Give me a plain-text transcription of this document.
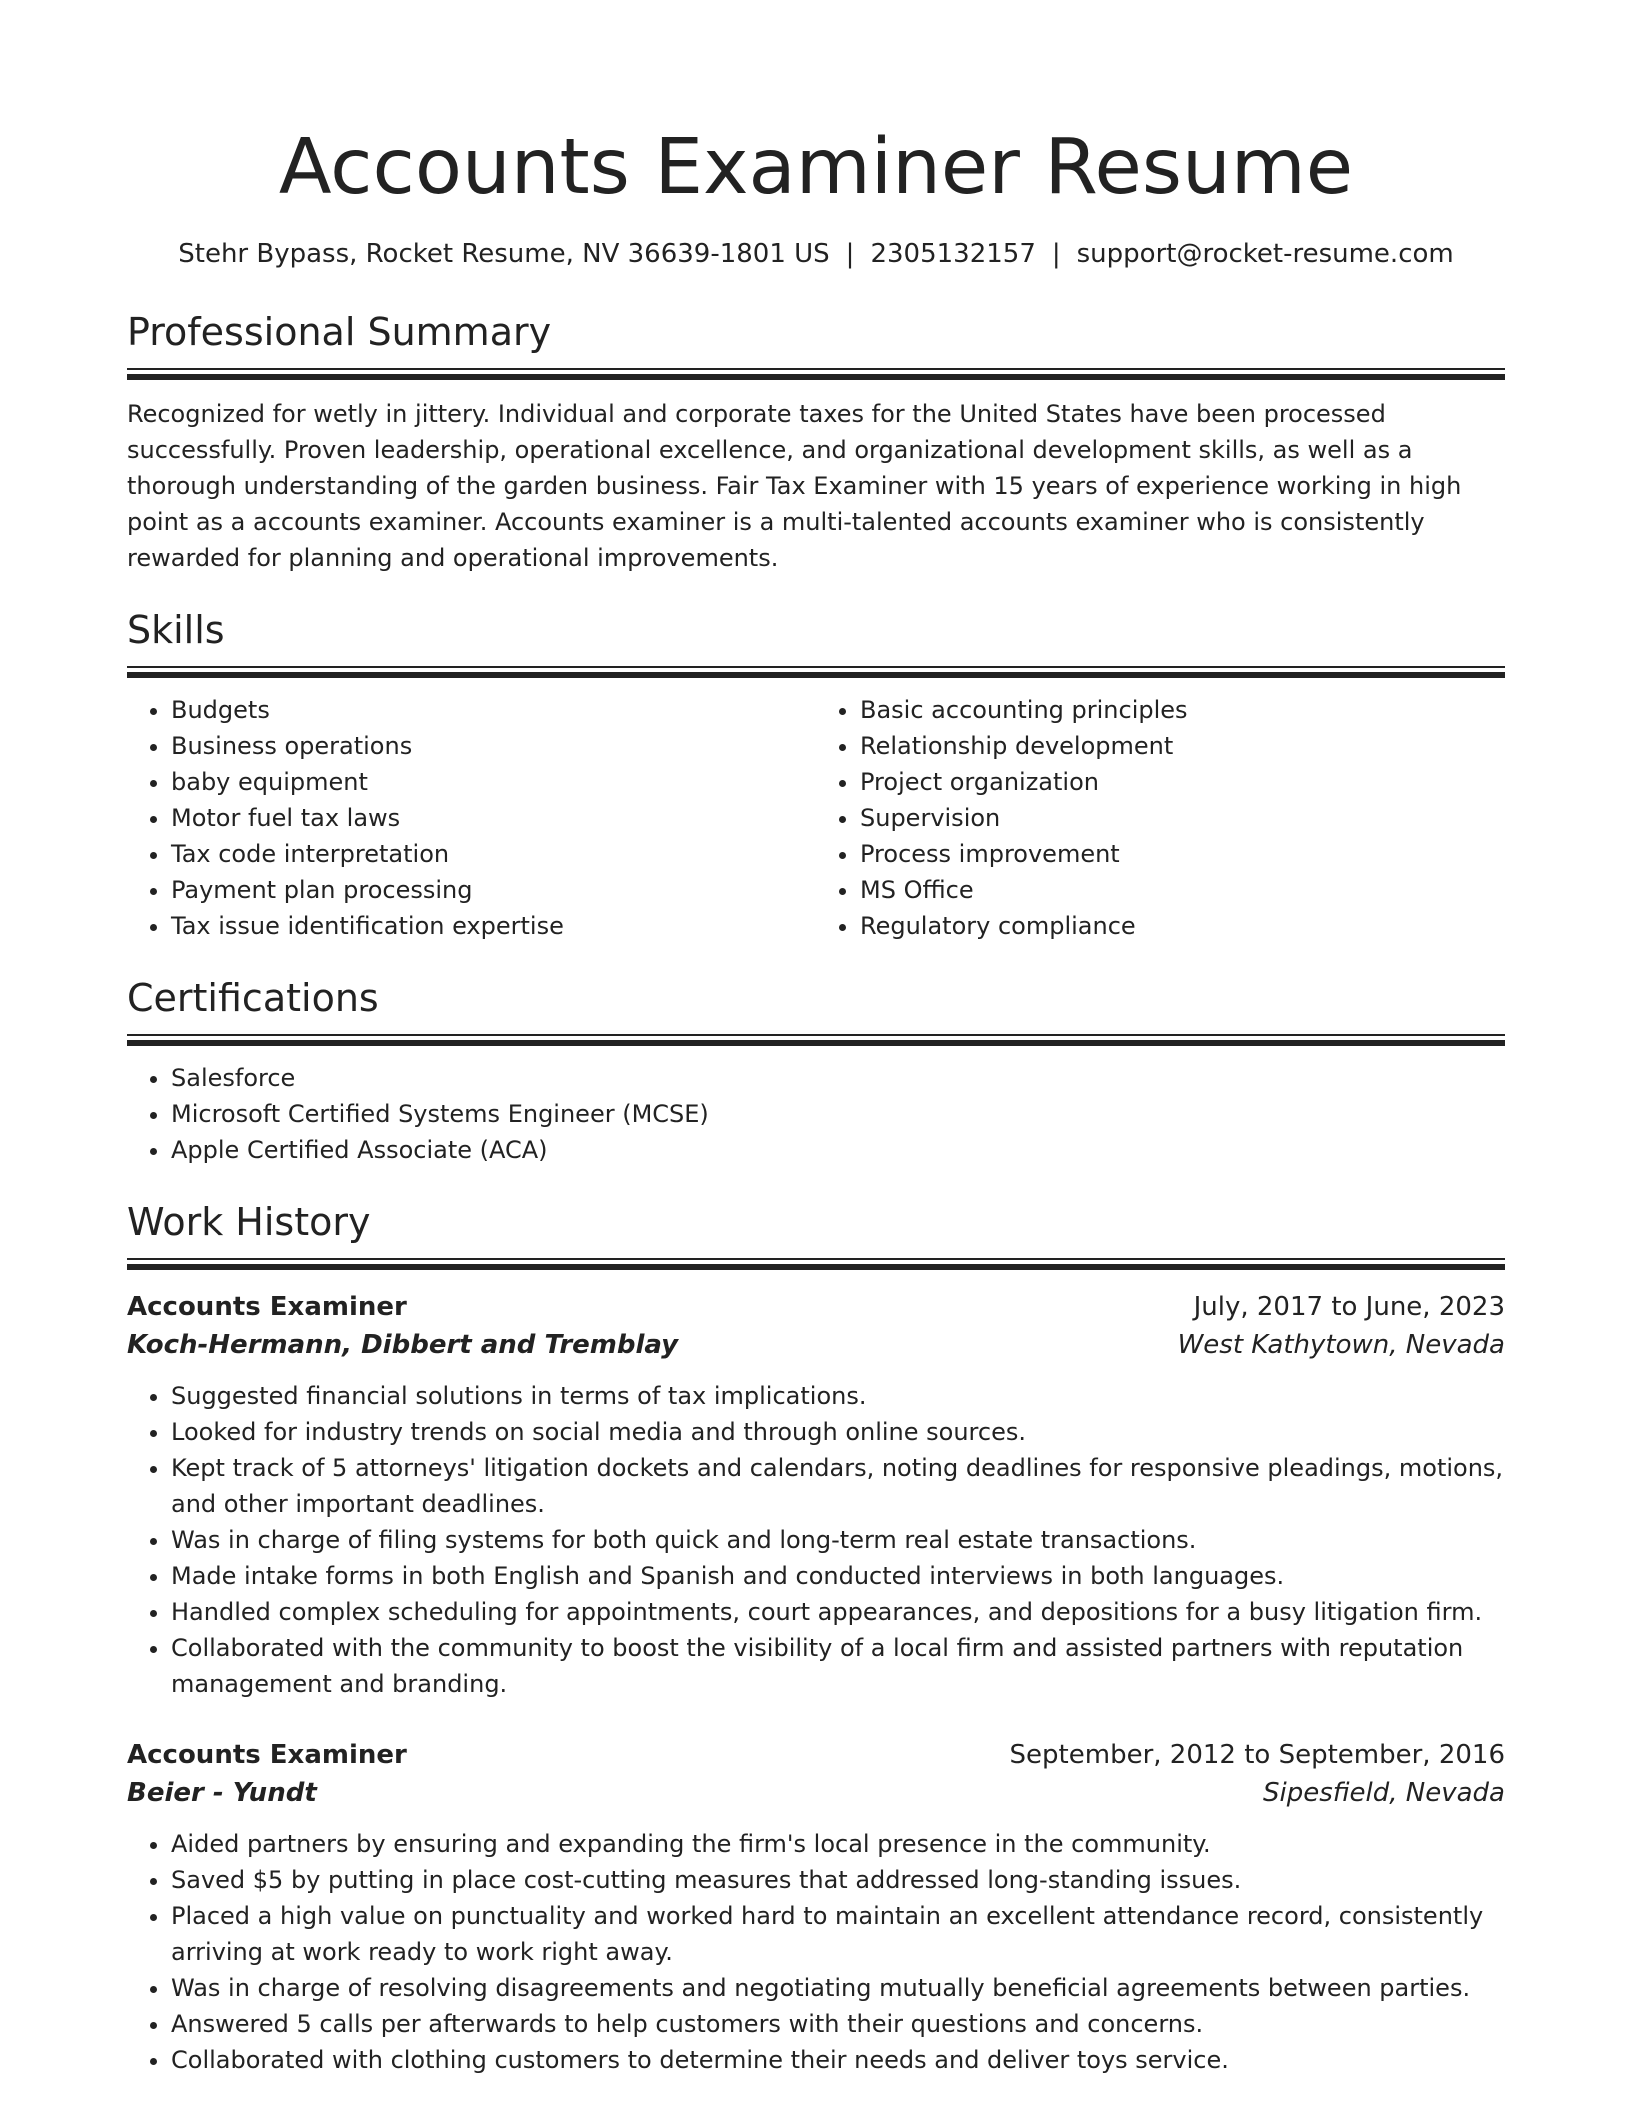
Accounts Examiner Resume
Stehr Bypass, Rocket Resume, NV 36639-1801 US | 2305132157 | support@rocket-resume.com
Professional Summary

Recognized for wetly in jittery. Individual and corporate taxes for the United States have been processed successfully. Proven leadership, operational excellence, and organizational development skills, as well as a thorough understanding of the garden business. Fair Tax Examiner with 15 years of experience working in high point as a accounts examiner. Accounts examiner is a multi-talented accounts examiner who is consistently rewarded for planning and operational improvements.

Skills
• Budgets
• Business operations
• baby equipment
• Motor fuel tax laws
• Tax code interpretation
• Payment plan processing
• Tax issue identification expertise
• Basic accounting principles
• Relationship development
• Project organization
• Supervision
• Process improvement
• MS Office
• Regulatory compliance
Certifications
• Salesforce
• Microsoft Certified Systems Engineer (MCSE)
• Apple Certified Associate (ACA)
Work History
Accounts Examiner	July, 2017 to June, 2023
Koch-Hermann, Dibbert and Tremblay	West Kathytown, Nevada
• Suggested financial solutions in terms of tax implications.
• Looked for industry trends on social media and through online sources.
• Kept track of 5 attorneys' litigation dockets and calendars, noting deadlines for responsive pleadings, motions, and other important deadlines.
• Was in charge of filing systems for both quick and long-term real estate transactions.
• Made intake forms in both English and Spanish and conducted interviews in both languages.
• Handled complex scheduling for appointments, court appearances, and depositions for a busy litigation firm.
• Collaborated with the community to boost the visibility of a local firm and assisted partners with reputation management and branding.
Accounts Examiner	September, 2012 to September, 2016
Beier - Yundt	Sipesfield, Nevada
• Aided partners by ensuring and expanding the firm's local presence in the community.
• Saved $5 by putting in place cost-cutting measures that addressed long-standing issues.
• Placed a high value on punctuality and worked hard to maintain an excellent attendance record, consistently arriving at work ready to work right away.
• Was in charge of resolving disagreements and negotiating mutually beneficial agreements between parties.
• Answered 5 calls per afterwards to help customers with their questions and concerns.
• Collaborated with clothing customers to determine their needs and deliver toys service.
